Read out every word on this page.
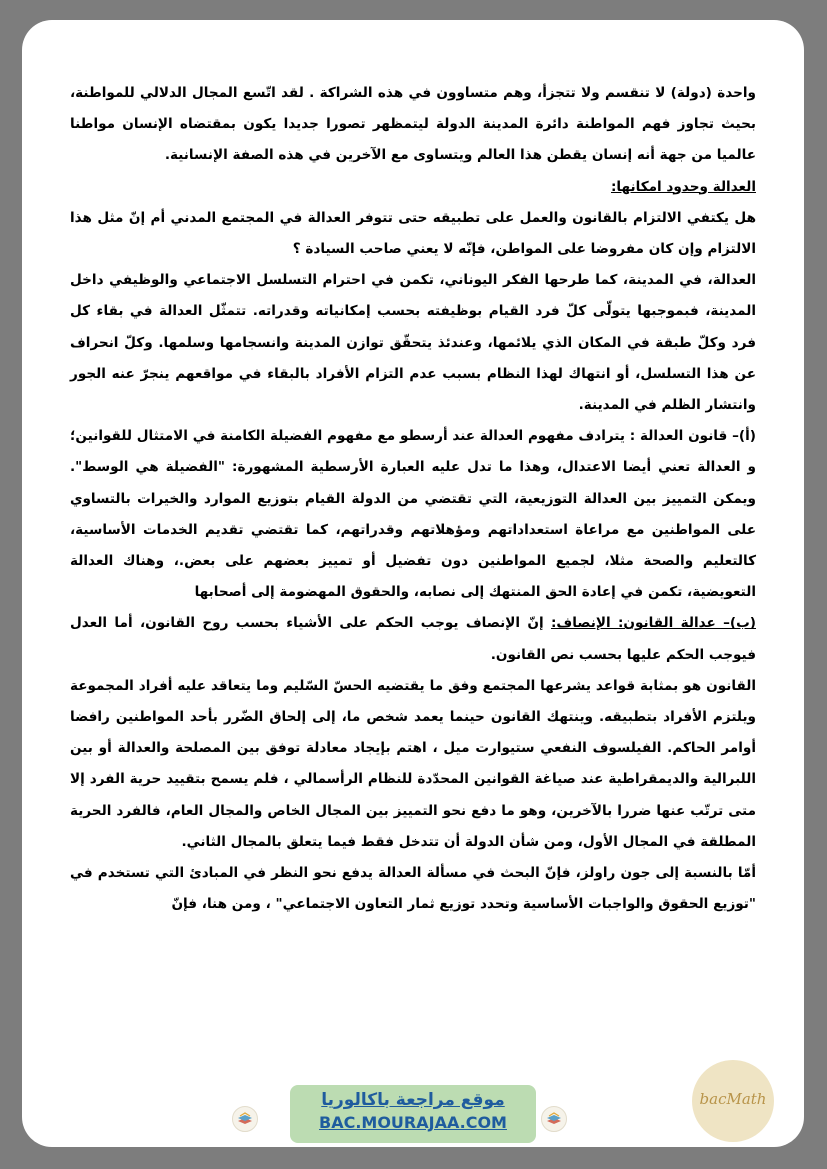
واحدة (دولة) لا تنقسم ولا تتجزأ، وهم متساوون في هذه الشراكة . لقد اتّسع المجال الدلالي للمواطنة، بحيث تجاوز فهم المواطنة دائرة المدينة الدولة ليتمظهر تصورا جديدا يكون بمقتضاه الإنسان مواطنا عالميا من جهة أنه إنسان يقطن هذا العالم ويتساوى مع الآخرين في هذه الصفة الإنسانية.

العدالة وحدود امكانها:

هل يكتفي الالتزام بالقانون والعمل على تطبيقه حتى تتوفر العدالة في المجتمع المدني أم إنّ مثل هذا الالتزام وإن كان مفروضا على المواطن، فإنّه لا يعني صاحب السيادة ؟

العدالة، في المدينة، كما طرحها الفكر اليوناني، تكمن في احترام التسلسل الاجتماعي والوظيفي داخل المدينة، فبموجبها يتولّى كلّ فرد القيام بوظيفته بحسب إمكانياته وقدراته. تتمثّل العدالة في بقاء كل فرد وكلّ طبقة في المكان الذي يلائمها، وعندئذ يتحقّق توازن المدينة وانسجامها وسلمها. وكلّ انحراف عن هذا التسلسل، أو انتهاك لهذا النظام بسبب عدم التزام الأفراد بالبقاء في مواقعهم ينجرّ عنه الجور وانتشار الظلم في المدينة.

(أ)– قانون العدالة : يترادف مفهوم العدالة عند أرسطو مع مفهوم الفضيلة الكامنة في الامتثال للقوانين؛ و العدالة تعني أيضا الاعتدال، وهذا ما تدل عليه العبارة الأرسطية المشهورة: "الفضيلة هي الوسط". ويمكن التمييز بين العدالة التوزيعية، التي تقتضي من الدولة القيام بتوزيع الموارد والخيرات بالتساوي على المواطنين مع مراعاة استعداداتهم ومؤهلاتهم وقدراتهم، كما تقتضي تقديم الخدمات الأساسية، كالتعليم والصحة مثلا، لجميع المواطنين دون تفضيل أو تمييز بعضهم على بعض.، وهناك العدالة التعويضية، تكمن في إعادة الحق المنتهك إلى نصابه، والحقوق المهضومة إلى أصحابها

(ب)– عدالة القانون: الإنصاف: إنّ الإنصاف يوجب الحكم على الأشياء بحسب روح القانون، أما العدل فيوجب الحكم عليها بحسب نص القانون.

القانون هو بمثابة قواعد يشرعها المجتمع وفق ما يقتضيه الحسّ السّليم وما يتعاقد عليه أفراد المجموعة ويلتزم الأفراد بتطبيقه. وينتهك القانون حينما يعمد شخص ما، إلى إلحاق الضّرر بأحد المواطنين رافضا أوامر الحاكم. الفيلسوف النفعي ستيوارت ميل ، اهتم بإيجاد معادلة توفق بين المصلحة والعدالة أو بين اللبرالية والديمقراطية عند صياغة القوانين المحدّدة للنظام الرأسمالي ، فلم يسمح بتقييد حرية الفرد إلا متى ترتّب عنها ضررا بالآخرين، وهو ما دفع نحو التمييز بين المجال الخاص والمجال العام، فالفرد الحرية المطلقة في المجال الأول، ومن شأن الدولة أن تتدخل فقط فيما يتعلق بالمجال الثاني.

أمّا بالنسبة إلى جون راولز، فإنّ البحث في مسألة العدالة يدفع نحو النظر في المبادئ التي تستخدم في "توزيع الحقوق والواجبات الأساسية وتحدد توزيع ثمار التعاون الاجتماعي" ، ومن هنا، فإنّ

موقع مراجعة باكالوريا
BAC.MOURAJAA.COM
bacMath
